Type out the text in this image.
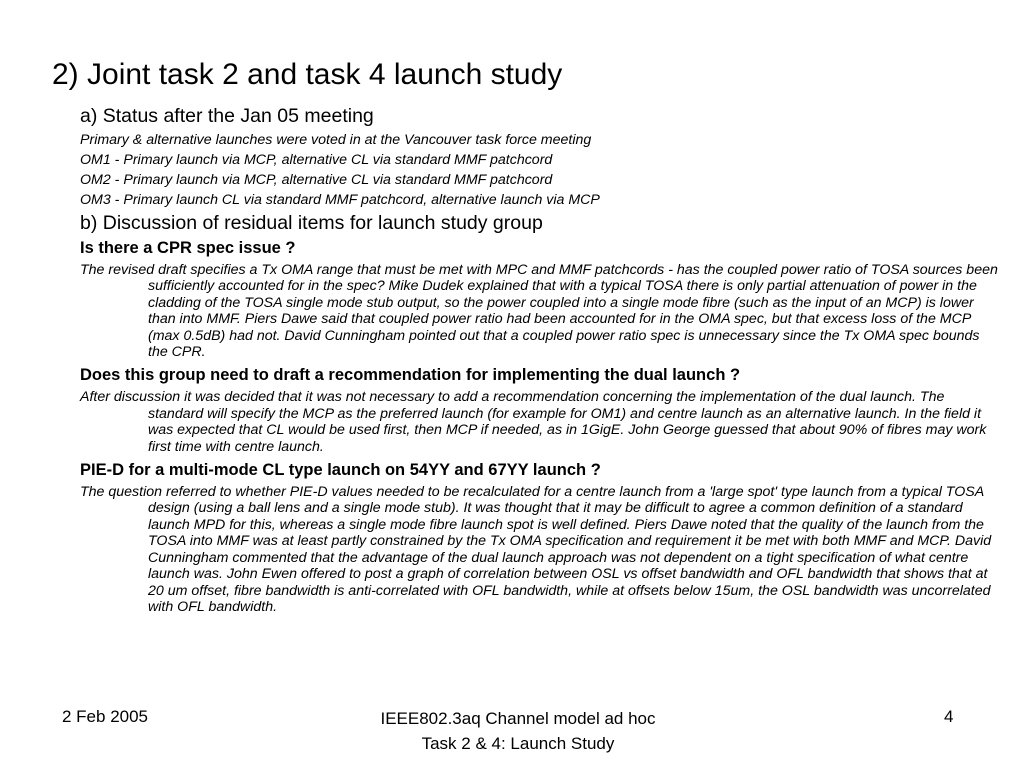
2) Joint task 2 and task 4 launch study
a) Status after the Jan 05 meeting
Primary & alternative launches were voted in at the Vancouver task force meeting
OM1 - Primary launch via MCP, alternative CL via standard MMF patchcord
OM2 - Primary launch via MCP, alternative CL via standard MMF patchcord
OM3 - Primary launch CL via standard MMF patchcord, alternative launch via MCP
b) Discussion of residual items for launch study group
Is there a CPR spec issue ?
The revised draft specifies a Tx OMA range that must be met with MPC and MMF patchcords - has the coupled power ratio of TOSA sources been sufficiently accounted for in the spec? Mike Dudek explained that with a typical TOSA there is only partial attenuation of power in the cladding of the TOSA single mode stub output, so the power coupled into a single mode fibre (such as the input of an MCP) is lower than into MMF. Piers Dawe said that coupled power ratio had been accounted for in the OMA spec, but that excess loss of the MCP (max 0.5dB) had not. David Cunningham pointed out that a coupled power ratio spec is unnecessary since the Tx OMA spec bounds the CPR.
Does this group need to draft a recommendation for implementing the dual launch ?
After discussion it was decided that it was not necessary to add a recommendation concerning the implementation of the dual launch. The standard will specify the MCP as the preferred launch (for example for OM1) and centre launch as an alternative launch. In the field it was expected that CL would be used first, then MCP if needed, as in 1GigE. John George guessed that about 90% of fibres may work first time with centre launch.
PIE-D for a multi-mode CL type launch on 54YY and 67YY launch ?
The question referred to whether PIE-D values needed to be recalculated for a centre launch from a 'large spot' type launch from a typical TOSA design (using a ball lens and a single mode stub). It was thought that it may be difficult to agree a common definition of a standard launch MPD for this, whereas a single mode fibre launch spot is well defined. Piers Dawe noted that the quality of the launch from the TOSA into MMF was at least partly constrained by the Tx OMA specification and requirement it be met with both MMF and MCP. David Cunningham commented that the advantage of the dual launch approach was not dependent on a tight specification of what centre launch was. John Ewen offered to post a graph of correlation between OSL vs offset bandwidth and OFL bandwidth that shows that at 20 um offset, fibre bandwidth is anti-correlated with OFL bandwidth, while at offsets below 15um, the OSL bandwidth was uncorrelated with OFL bandwidth.
2 Feb 2005	IEEE802.3aq Channel model ad hoc
Task 2 & 4: Launch Study
4
